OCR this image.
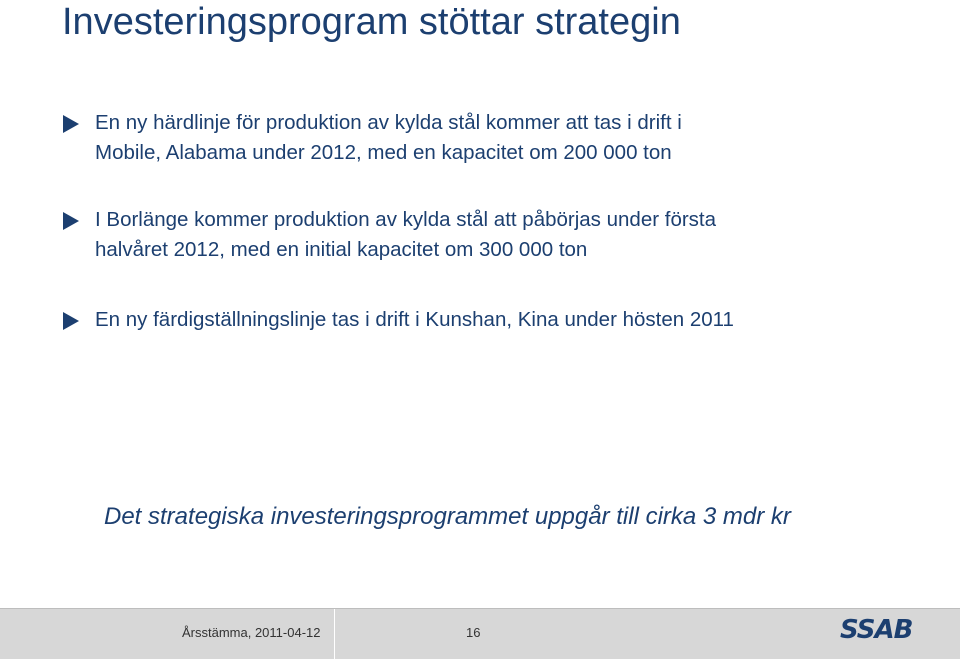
Investeringsprogram stöttar strategin
En ny härdlinje för produktion av kylda stål kommer att tas i drift i
Mobile, Alabama under 2012, med en kapacitet om 200 000 ton
I Borlänge kommer produktion av kylda stål att påbörjas under första
halvåret 2012, med en initial kapacitet om 300 000 ton
En ny färdigställningslinje tas i drift i Kunshan, Kina under hösten 2011

Det strategiska investeringsprogrammet uppgår till cirka 3 mdr kr

Årsstämma, 2011-04-12	16	SSAB
